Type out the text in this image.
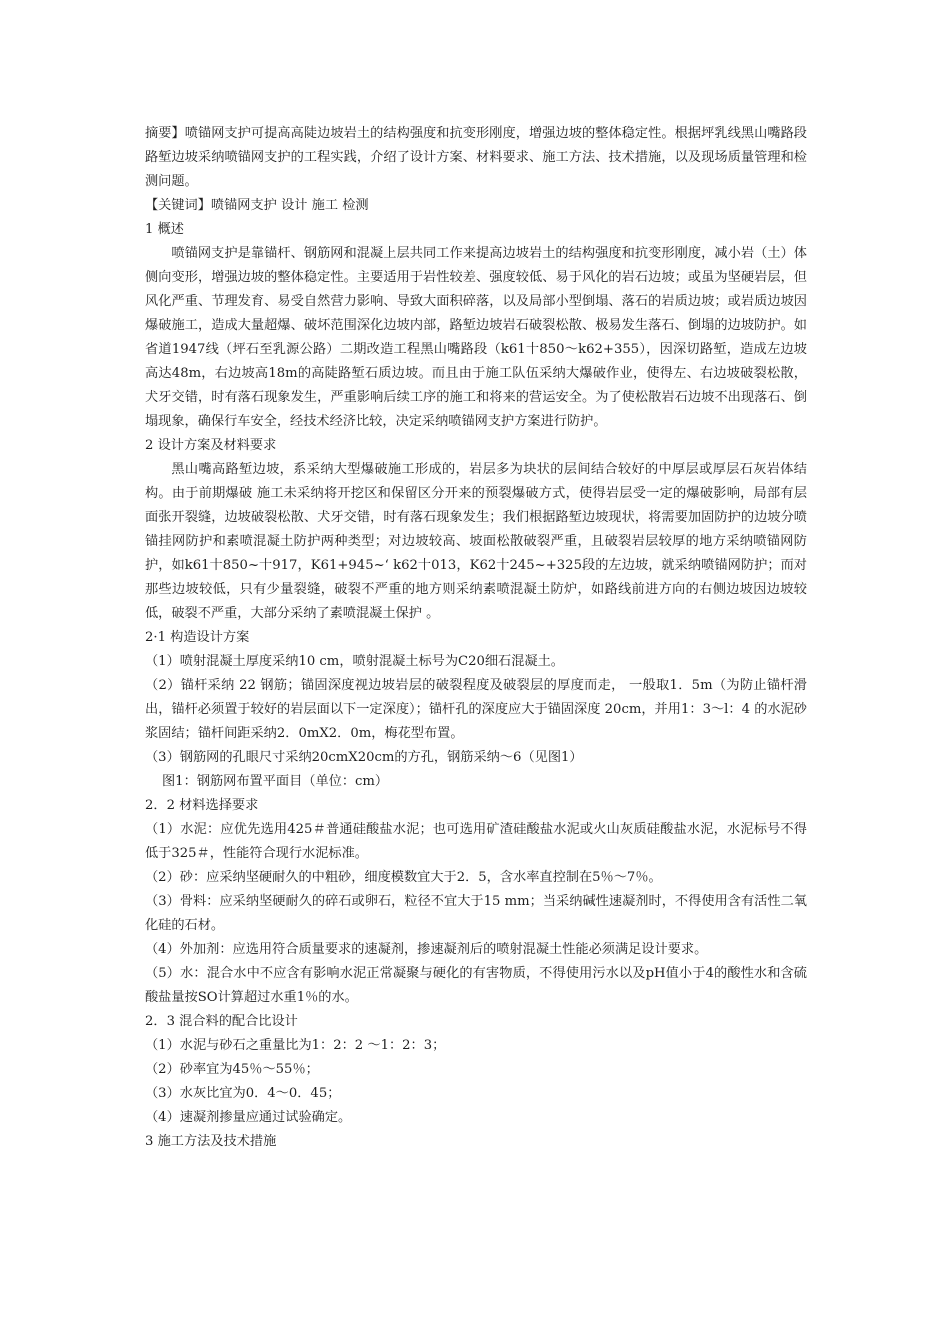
摘要】喷锚网支护可提高高陡边坡岩土的结构强度和抗变形刚度，增强边坡的整体稳定性。根据坪乳线黑山嘴路段路堑边坡采纳喷锚网支护的工程实践，介绍了设计方案、材料要求、施工方法、技术措施，以及现场质量管理和检测问题。

【关键词】喷锚网支护 设计 施工 检测

1 概述

喷锚网支护是靠锚杆、钢筋网和混凝上层共同工作来提高边坡岩土的结构强度和抗变形刚度，减小岩（土）体侧向变形，增强边坡的整体稳定性。主要适用于岩性较差、强度较低、易于风化的岩石边坡；或虽为坚硬岩层，但风化严重、节理发育、易受自然营力影响、导致大面积碎落，以及局部小型倒塌、落石的岩质边坡；或岩质边坡因爆破施工，造成大量超爆、破坏范围深化边坡内部，路堑边坡岩石破裂松散、极易发生落石、倒塌的边坡防护。如省道1947线（坪石至乳源公路）二期改造工程黑山嘴路段（k61十850～k62+355），因深切路堑，造成左边坡高达48m，右边坡高18m的高陡路堑石质边坡。而且由于施工队伍采纳大爆破作业，使得左、右边坡破裂松散，犬牙交错，时有落石现象发生，严重影响后续工序的施工和将来的营运安全。为了使松散岩石边坡不出现落石、倒塌现象，确保行车安全，经技术经济比较，决定采纳喷锚网支护方案进行防护。

2 设计方案及材料要求

黑山嘴高路堑边坡，系采纳大型爆破施工形成的，岩层多为块状的层间结合较好的中厚层或厚层石灰岩体结构。由于前期爆破 施工未采纳将开挖区和保留区分开来的预裂爆破方式，使得岩层受一定的爆破影响，局部有层面张开裂缝，边坡破裂松散、犬牙交错，时有落石现象发生；我们根据路堑边坡现状，将需要加固防护的边坡分喷锚挂网防护和素喷混凝土防护两种类型；对边坡较高、坡面松散破裂严重，且破裂岩层较厚的地方采纳喷锚网防护，如k61十850~十917，K61+945~‘ k62十013，K62十245~+325段的左边坡，就采纳喷锚网防护；而对那些边坡较低，只有少量裂缝，破裂不严重的地方则采纳素喷混凝土防炉，如路线前进方向的右侧边坡因边坡较低，破裂不严重，大部分采纳了素喷混凝土保护 。

2·1 构造设计方案

（1）喷射混凝土厚度采纳10 cm，喷射混凝土标号为C20细石混凝土。

（2）锚杆采纳 22 钢筋；锚固深度视边坡岩层的破裂程度及破裂层的厚度而走， 一般取1．5m（为防止锚杆滑出，锚杆必须置于较好的岩层面以下一定深度）；锚杆孔的深度应大于锚固深度 20cm，并用1：3～l：4 的水泥砂浆固结；锚杆间距采纳2．0mX2．0m，梅花型布置。

（3）钢筋网的孔眼尺寸采纳20cmX20cm的方孔，钢筋采纳～6（见图1）

图1：钢筋网布置平面目（单位：cm）

2．2 材料选择要求

（1）水泥：应优先选用425＃普通硅酸盐水泥；也可选用矿渣硅酸盐水泥或火山灰质硅酸盐水泥，水泥标号不得低于325＃，性能符合现行水泥标准。

（2）砂：应采纳坚硬耐久的中粗砂，细度模数宜大于2．5，含水率直控制在5％～7％。

（3）骨料：应采纳坚硬耐久的碎石或卵石，粒径不宜大于15 mm；当采纳碱性速凝剂时，不得使用含有活性二氧化硅的石材。

（4）外加剂：应选用符合质量要求的速凝剂，掺速凝剂后的喷射混凝土性能必须满足设计要求。

（5）水：混合水中不应含有影响水泥正常凝聚与硬化的有害物质，不得使用污水以及pH值小于4的酸性水和含硫酸盐量按SO计算超过水重1％的水。

2．3 混合料的配合比设计

（1）水泥与砂石之重量比为1：2：2 ～1：2：3；

（2）砂率宜为45％～55％；

（3）水灰比宜为0．4～0．45；

（4）速凝剂掺量应通过试验确定。

3 施工方法及技术措施
